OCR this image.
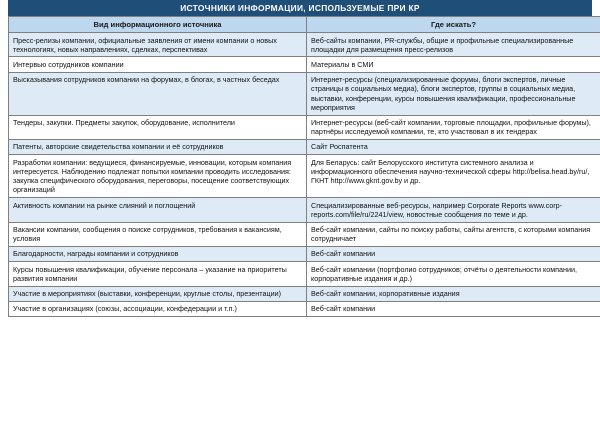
ИСТОЧНИКИ ИНФОРМАЦИИ, ИСПОЛЬЗУЕМЫЕ ПРИ КР
Вид информационного источника	Где искать?
Пресс-релизы компании, официальные заявления от имени компании о новых технологиях, новых направлениях, сделках, перспективах	Веб-сайты компании, PR-службы, общие и профильные специализированные площадки для размещения пресс-релизов
Интервью сотрудников компании	Материалы в СМИ
Высказывания сотрудников компании на форумах, в блогах, в частных беседах	Интернет-ресурсы (специализированные форумы, блоги экспертов, личные страницы в социальных медиа), блоги экспертов, группы в социальных медиа, выставки, конференции, курсы повышения квалификации, профессиональные мероприятия
Тендеры, закупки. Предметы закупок, оборудование, исполнители	Интернет-ресурсы (веб-сайт компании, торговые площадки, профильные форумы), партнёры исследуемой компании, те, кто участвовал в их тендерах
Патенты, авторские свидетельства компании и её сотрудников	Сайт Роспатента
Разработки компании: ведущиеся, финансируемые, инновации, которым компания интересуется. Наблюдению подлежат попытки компании проводить исследования: закупка специфического оборудования, переговоры, посещение соответствующих организаций	Для Беларусь: сайт Белорусского института системного анализа и информационного обеспечения научно-технической сферы http://belisa.head.by/ru/, ГКНТ http://www.gknt.gov.by и др.
Активность компании на рынке слияний и поглощений	Специализированные веб-ресурсы, например Corporate Reports www.corp-reports.com/file/ru/2241/view, новостные сообщения по теме и др.
Вакансии компании, сообщения о поиске сотрудников, требования к вакансиям, условия	Веб-сайт компании, сайты по поиску работы, сайты агентств, с которыми компания сотрудничает
Благодарности, награды компании и сотрудников	Веб-сайт компании
Курсы повышения квалификации, обучение персонала – указание на приоритеты развития компании	Веб-сайт компании (портфолио сотрудников; отчёты о деятельности компании, корпоративные издания и др.)
Участие в мероприятиях (выставки, конференции, круглые столы, презентации)	Веб-сайт компании, корпоративные издания
Участие в организациях (союзы, ассоциации, конфедерации и т.п.)	Веб-сайт компании
